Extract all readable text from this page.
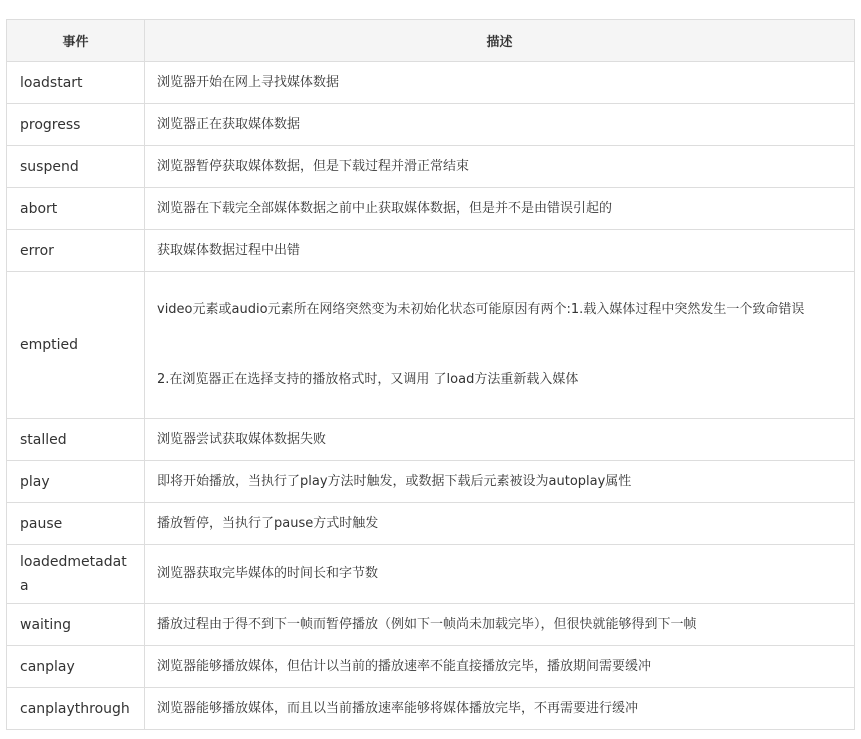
事件	描述
loadstart	浏览器开始在网上寻找媒体数据
progress	浏览器正在获取媒体数据
suspend	浏览器暂停获取媒体数据，但是下载过程并滑正常结束
abort	浏览器在下载完全部媒体数据之前中止获取媒体数据，但是并不是由错误引起的
error	获取媒体数据过程中出错
emptied	video元素或audio元素所在网络突然变为未初始化状态可能原因有两个:1.载入媒体过程中突然发生一个致命错误
2.在浏览器正在选择支持的播放格式时，又调用 了load方法重新载入媒体

stalled	浏览器尝试获取媒体数据失败
play	即将开始播放，当执行了play方法时触发，或数据下载后元素被设为autoplay属性
pause	播放暂停，当执行了pause方式时触发
loadedmetadata	浏览器获取完毕媒体的时间长和字节数
waiting	播放过程由于得不到下一帧而暂停播放（例如下一帧尚未加载完毕），但很快就能够得到下一帧
canplay	浏览器能够播放媒体，但估计以当前的播放速率不能直接播放完毕，播放期间需要缓冲
canplaythrough	浏览器能够播放媒体，而且以当前播放速率能够将媒体播放完毕，不再需要进行缓冲
